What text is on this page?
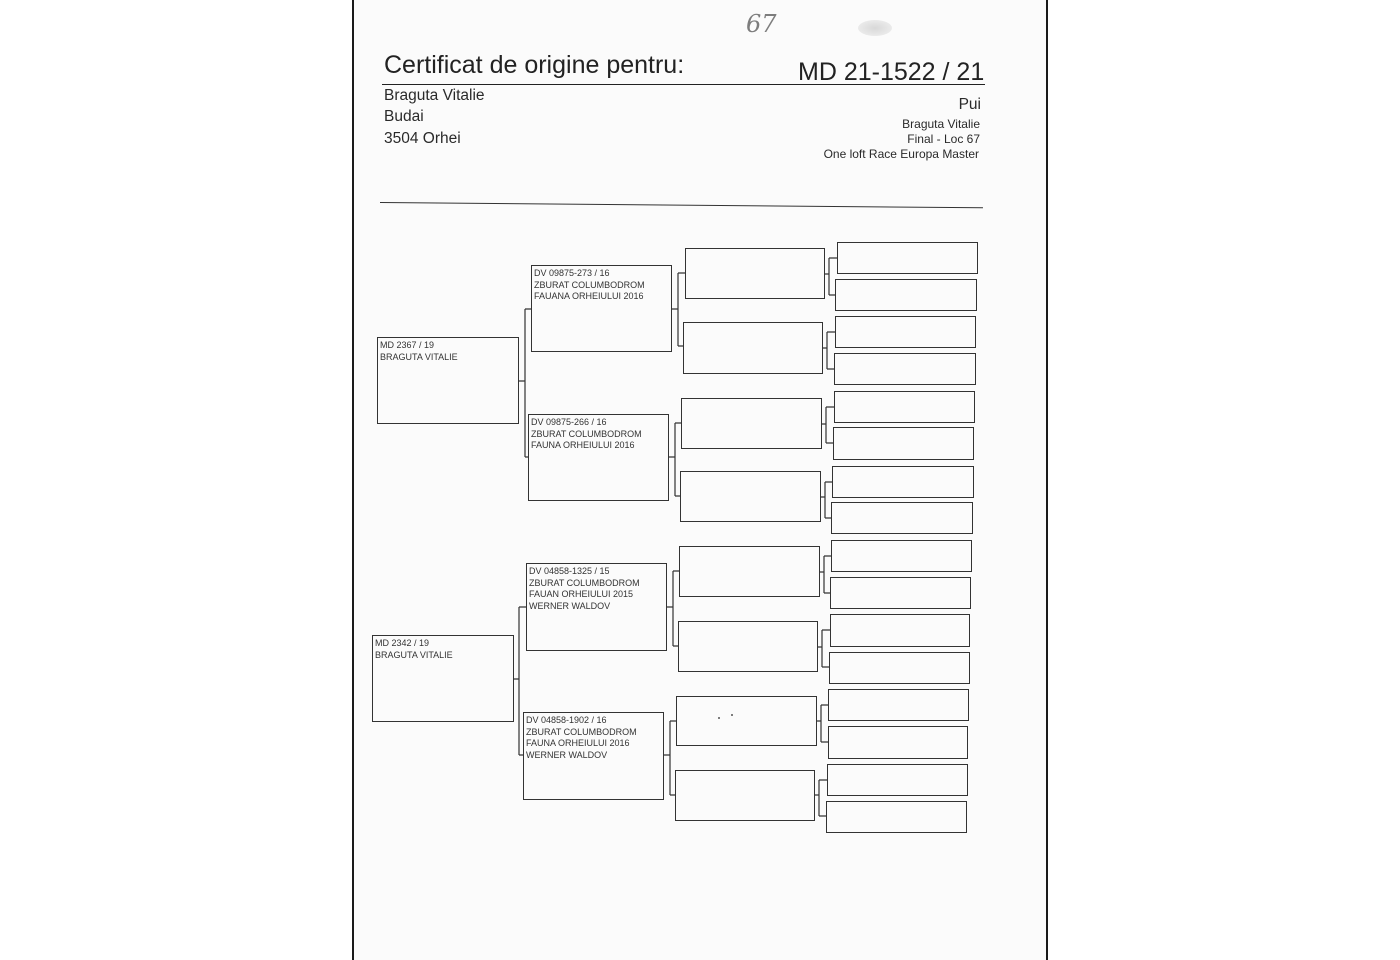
67
Certificat de origine pentru:	MD 21-1522 / 21
Braguta Vitalie
Budai
3504 Orhei
Pui
Braguta Vitalie
Final - Loc 67
One loft Race Europa Master
MD 2367 / 19
BRAGUTA VITALIE
MD 2342 / 19
BRAGUTA VITALIE
DV 09875-273 / 16
ZBURAT COLUMBODROM
FAUANA ORHEIULUI 2016
DV 09875-266 / 16
ZBURAT COLUMBODROM
FAUNA ORHEIULUI 2016
DV 04858-1325 / 15
ZBURAT COLUMBODROM
FAUAN ORHEIULUI 2015
WERNER WALDOV
DV 04858-1902 / 16
ZBURAT COLUMBODROM
FAUNA ORHEIULUI 2016
WERNER WALDOV
